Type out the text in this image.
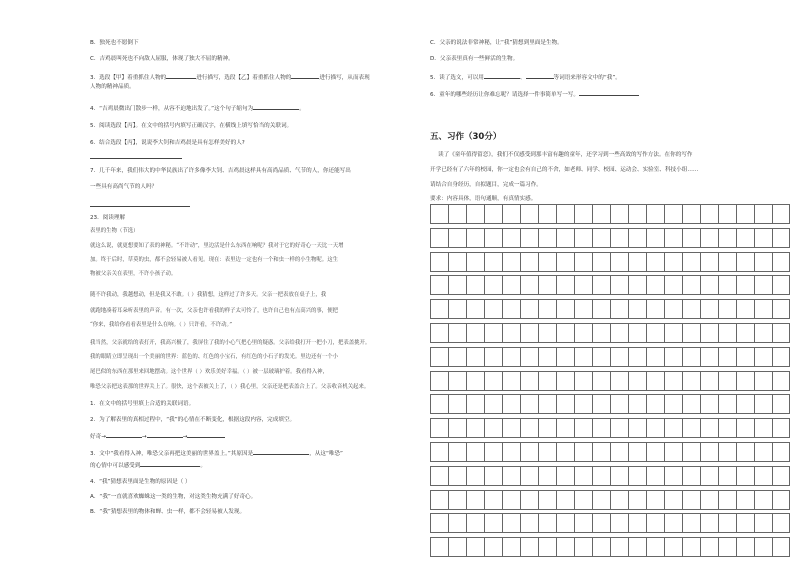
B．独死也不愿倒下
C．吉鸡晨叫死也不向敌人屈服，体现了独大不屈的精神。
3．选段【甲】着重抓住人物的	进行描写，选段【乙】着重抓住人物的	进行描写，从而表现
人物的精神品质。
4．“吉鸡晨微出门散步一样，从容不迫地出发了。”这个句子缩句为	。
5．阅读选段【丙】。在文中的括号内填写正确汉字，在横线上填写恰当的关联词。
6．结合选段【丙】，说说李大钊和吉鸡晨是具有怎样美好的人?
7．几千年来，我们伟大的中华民族出了许多像李大钊、吉鸡晨这样具有高尚品质、气节的人，你还能写出
一些具有高尚气节的人吗？
23．阅读理解
表里的生物（节选）
就这么说，就更想要知了表的神秘。“不许动”，里边活是什么东西在响呢？我对于它的好奇心一天比一天增
加。终于后时，草莫的虫，都不会轻易被人看见。现在：表里边一定也有一个和虫一样的小生物呢。这生
物被父亲关在表里，不许小孩子动。
随不许我动，我越想动，但是我又不敢。（ ）我猜想，这样过了许多天。父亲一把表放在桌子上，我
就跑地凑着耳朵听表里的声音。有一次，父亲也许看我的样子太可怜了，也许自己也有点高兴的事，便把
“你来，我给你看看表里是什么在响。（ ）只许看，不许动。”
我当然，父亲就给的表打开，我高兴极了，我屏住了我的小心气把心里的疑惑。父亲给我打开一把小刀，把表盖挑开。
我的眼睛立即呈现出一个美丽的世界：蓝色的、红色的小宝石，有红色的小石子的发光。里边还有一个小
尾巴似的东西在那里来回地摆动。这个世界（ ）欢乐美好幸福。（ ）被一层玻璃护着。我看得入神，
唯恐父亲把这表那的世界关上了。很快，这个表被关上了，（ ）我心里，父亲还是把表盖合上了。父亲收音机关起来。
1．在文中的括号里填上合适的关联词语。
2．为了解表里的真相过程中，“我”的心情在不断变化，根据这段内容，完成填空。
好奇→	→	→
3．文中“我看得入神，唯恐父亲再把这美丽的世界盖上。”其原因是	，从这“唯恐”
的心情中可以感受到	。
4．“我”猜想表里面是生物的原因是（ ）
A．“我”一直就喜欢蜘蛛这一类的生物，对这类生物充满了好奇心。
B．“我”猜想表里的物体和蝉、虫一样，都不会轻易被人发现。
C．父亲的说法非常神秘，让“我”猜想到里面是生物。
D．父亲表里真有一些鲜活的生物。
5．读了选文，可以用	、	等词语来形容文中的“我”。
6．童年的哪些经历让你难忘呢？请选择一件事简单写一写。
五、习作（30分）
读了《童年值得留恋》，我们不仅感受到那丰富有趣的童年，还学习到一些高效的写作方法。在你的写作
开学已经有了六年的校园，你一定也会有自己的不舍，如老师、同学、校园、运动会、实验室、科技小组……
请结合自身经历，自拟题目，完成一篇习作。
要求：内容具体，语句通顺，有真情实感。
